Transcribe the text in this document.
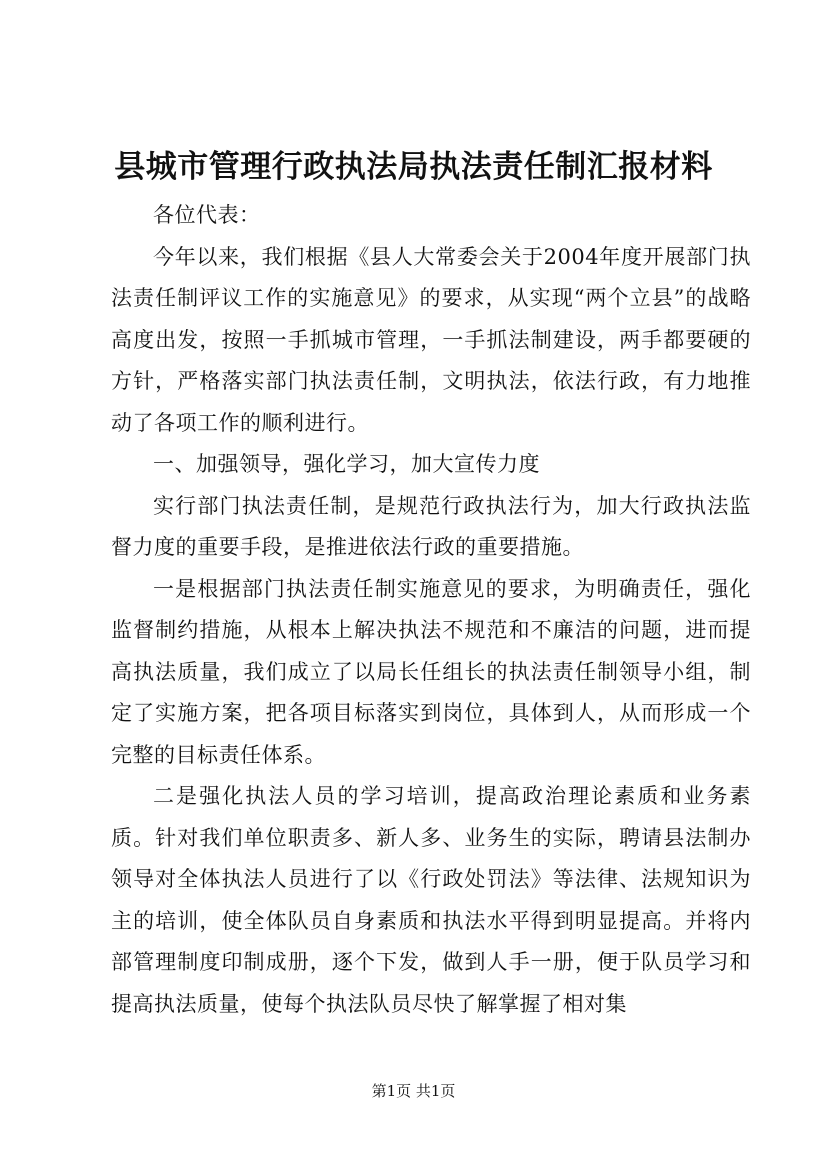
县城市管理行政执法局执法责任制汇报材料

各位代表：

今年以来，我们根据《县人大常委会关于2004年度开展部门执法责任制评议工作的实施意见》的要求，从实现“两个立县”的战略高度出发，按照一手抓城市管理，一手抓法制建设，两手都要硬的方针，严格落实部门执法责任制，文明执法，依法行政，有力地推动了各项工作的顺利进行。

一、加强领导，强化学习，加大宣传力度

实行部门执法责任制，是规范行政执法行为，加大行政执法监督力度的重要手段，是推进依法行政的重要措施。

一是根据部门执法责任制实施意见的要求，为明确责任，强化监督制约措施，从根本上解决执法不规范和不廉洁的问题，进而提高执法质量，我们成立了以局长任组长的执法责任制领导小组，制定了实施方案，把各项目标落实到岗位，具体到人，从而形成一个完整的目标责任体系。

二是强化执法人员的学习培训，提高政治理论素质和业务素质。针对我们单位职责多、新人多、业务生的实际，聘请县法制办领导对全体执法人员进行了以《行政处罚法》等法律、法规知识为主的培训，使全体队员自身素质和执法水平得到明显提高。并将内部管理制度印制成册，逐个下发，做到人手一册，便于队员学习和提高执法质量，使每个执法队员尽快了解掌握了相对集

第1页 共1页
